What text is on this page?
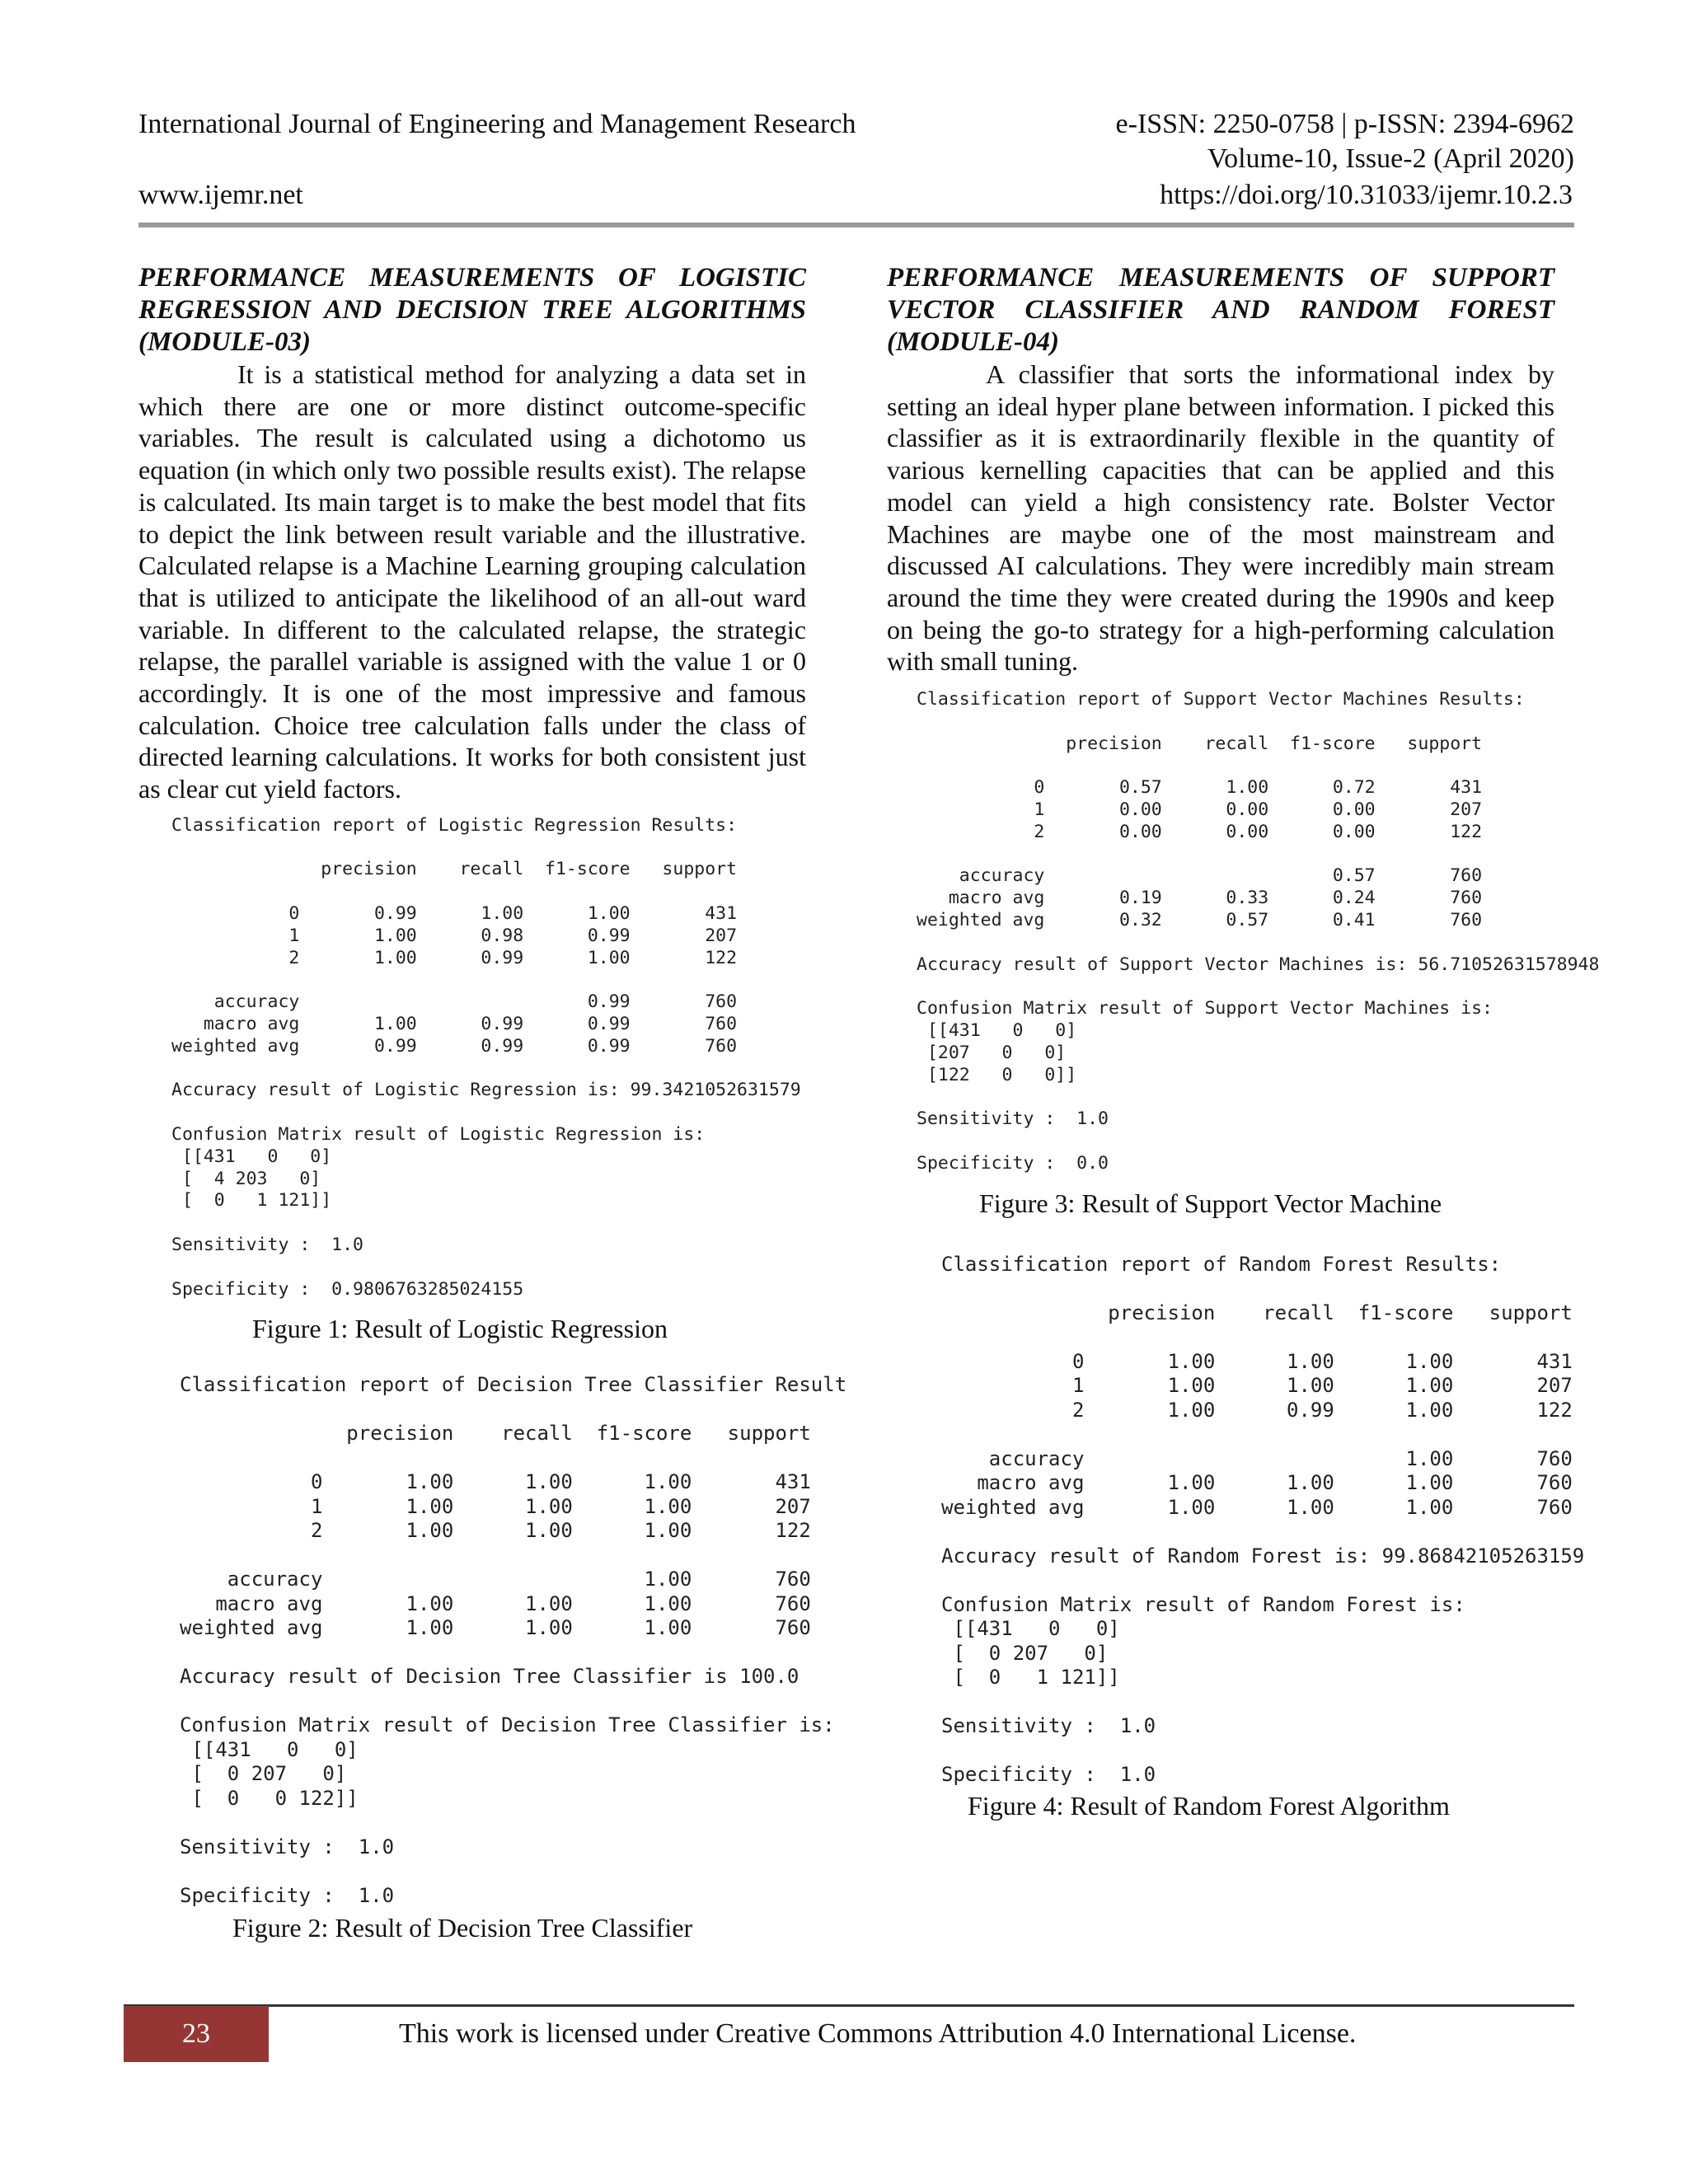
International Journal of Engineering and Management Research	e-ISSN: 2250-0758 | p-ISSN: 2394-6962
Volume-10, Issue-2 (April 2020)
www.ijemr.net	https://doi.org/10.31033/ijemr.10.2.3

PERFORMANCE MEASUREMENTS OF LOGISTIC
REGRESSION AND DECISION TREE ALGORITHMS
(MODULE-03)

It is a statistical method for analyzing a data set in which there are one or more distinct outcome-specific variables. The result is calculated using a dichotomo us equation (in which only two possible results exist). The relapse is calculated. Its main target is to make the best model that fits to depict the link between result variable and the illustrative. Calculated relapse is a Machine Learning grouping calculation that is utilized to anticipate the likelihood of an all-out ward variable. In different to the calculated relapse, the strategic relapse, the parallel variable is assigned with the value 1 or 0 accordingly. It is one of the most impressive and famous calculation. Choice tree calculation falls under the class of directed learning calculations. It works for both consistent just as clear cut yield factors.

Classification report of Logistic Regression Results:

precision    recall  f1-score   support

0       0.99      1.00      1.00       431
1       1.00      0.98      0.99       207
2       1.00      0.99      1.00       122

accuracy                           0.99       760
macro avg       1.00      0.99      0.99       760
weighted avg       0.99      0.99      0.99       760

Accuracy result of Logistic Regression is: 99.3421052631579

Confusion Matrix result of Logistic Regression is:
[[431   0   0]
[  4 203   0]
[  0   1 121]]

Sensitivity :  1.0

Specificity :  0.9806763285024155

Figure 1: Result of Logistic Regression

Classification report of Decision Tree Classifier Result

precision    recall  f1-score   support

0       1.00      1.00      1.00       431
1       1.00      1.00      1.00       207
2       1.00      1.00      1.00       122

accuracy                           1.00       760
macro avg       1.00      1.00      1.00       760
weighted avg       1.00      1.00      1.00       760

Accuracy result of Decision Tree Classifier is 100.0

Confusion Matrix result of Decision Tree Classifier is:
[[431   0   0]
[  0 207   0]
[  0   0 122]]

Sensitivity :  1.0

Specificity :  1.0

Figure 2: Result of Decision Tree Classifier

PERFORMANCE MEASUREMENTS OF SUPPORT
VECTOR CLASSIFIER AND RANDOM FOREST
(MODULE-04)

A classifier that sorts the informational index by setting an ideal hyper plane between information. I picked this classifier as it is extraordinarily flexible in the quantity of various kernelling capacities that can be applied and this model can yield a high consistency rate. Bolster Vector Machines are maybe one of the most mainstream and discussed AI calculations. They were incredibly main stream around the time they were created during the 1990s and keep on being the go-to strategy for a high-performing calculation with small tuning.

Classification report of Support Vector Machines Results:

precision    recall  f1-score   support

0       0.57      1.00      0.72       431
1       0.00      0.00      0.00       207
2       0.00      0.00      0.00       122

accuracy                           0.57       760
macro avg       0.19      0.33      0.24       760
weighted avg       0.32      0.57      0.41       760

Accuracy result of Support Vector Machines is: 56.71052631578948

Confusion Matrix result of Support Vector Machines is:
[[431   0   0]
[207   0   0]
[122   0   0]]

Sensitivity :  1.0

Specificity :  0.0

Figure 3: Result of Support Vector Machine

Classification report of Random Forest Results:

precision    recall  f1-score   support

0       1.00      1.00      1.00       431
1       1.00      1.00      1.00       207
2       1.00      0.99      1.00       122

accuracy                           1.00       760
macro avg       1.00      1.00      1.00       760
weighted avg       1.00      1.00      1.00       760

Accuracy result of Random Forest is: 99.86842105263159

Confusion Matrix result of Random Forest is:
[[431   0   0]
[  0 207   0]
[  0   1 121]]

Sensitivity :  1.0

Specificity :  1.0

Figure 4: Result of Random Forest Algorithm

23	This work is licensed under Creative Commons Attribution 4.0 International License.
